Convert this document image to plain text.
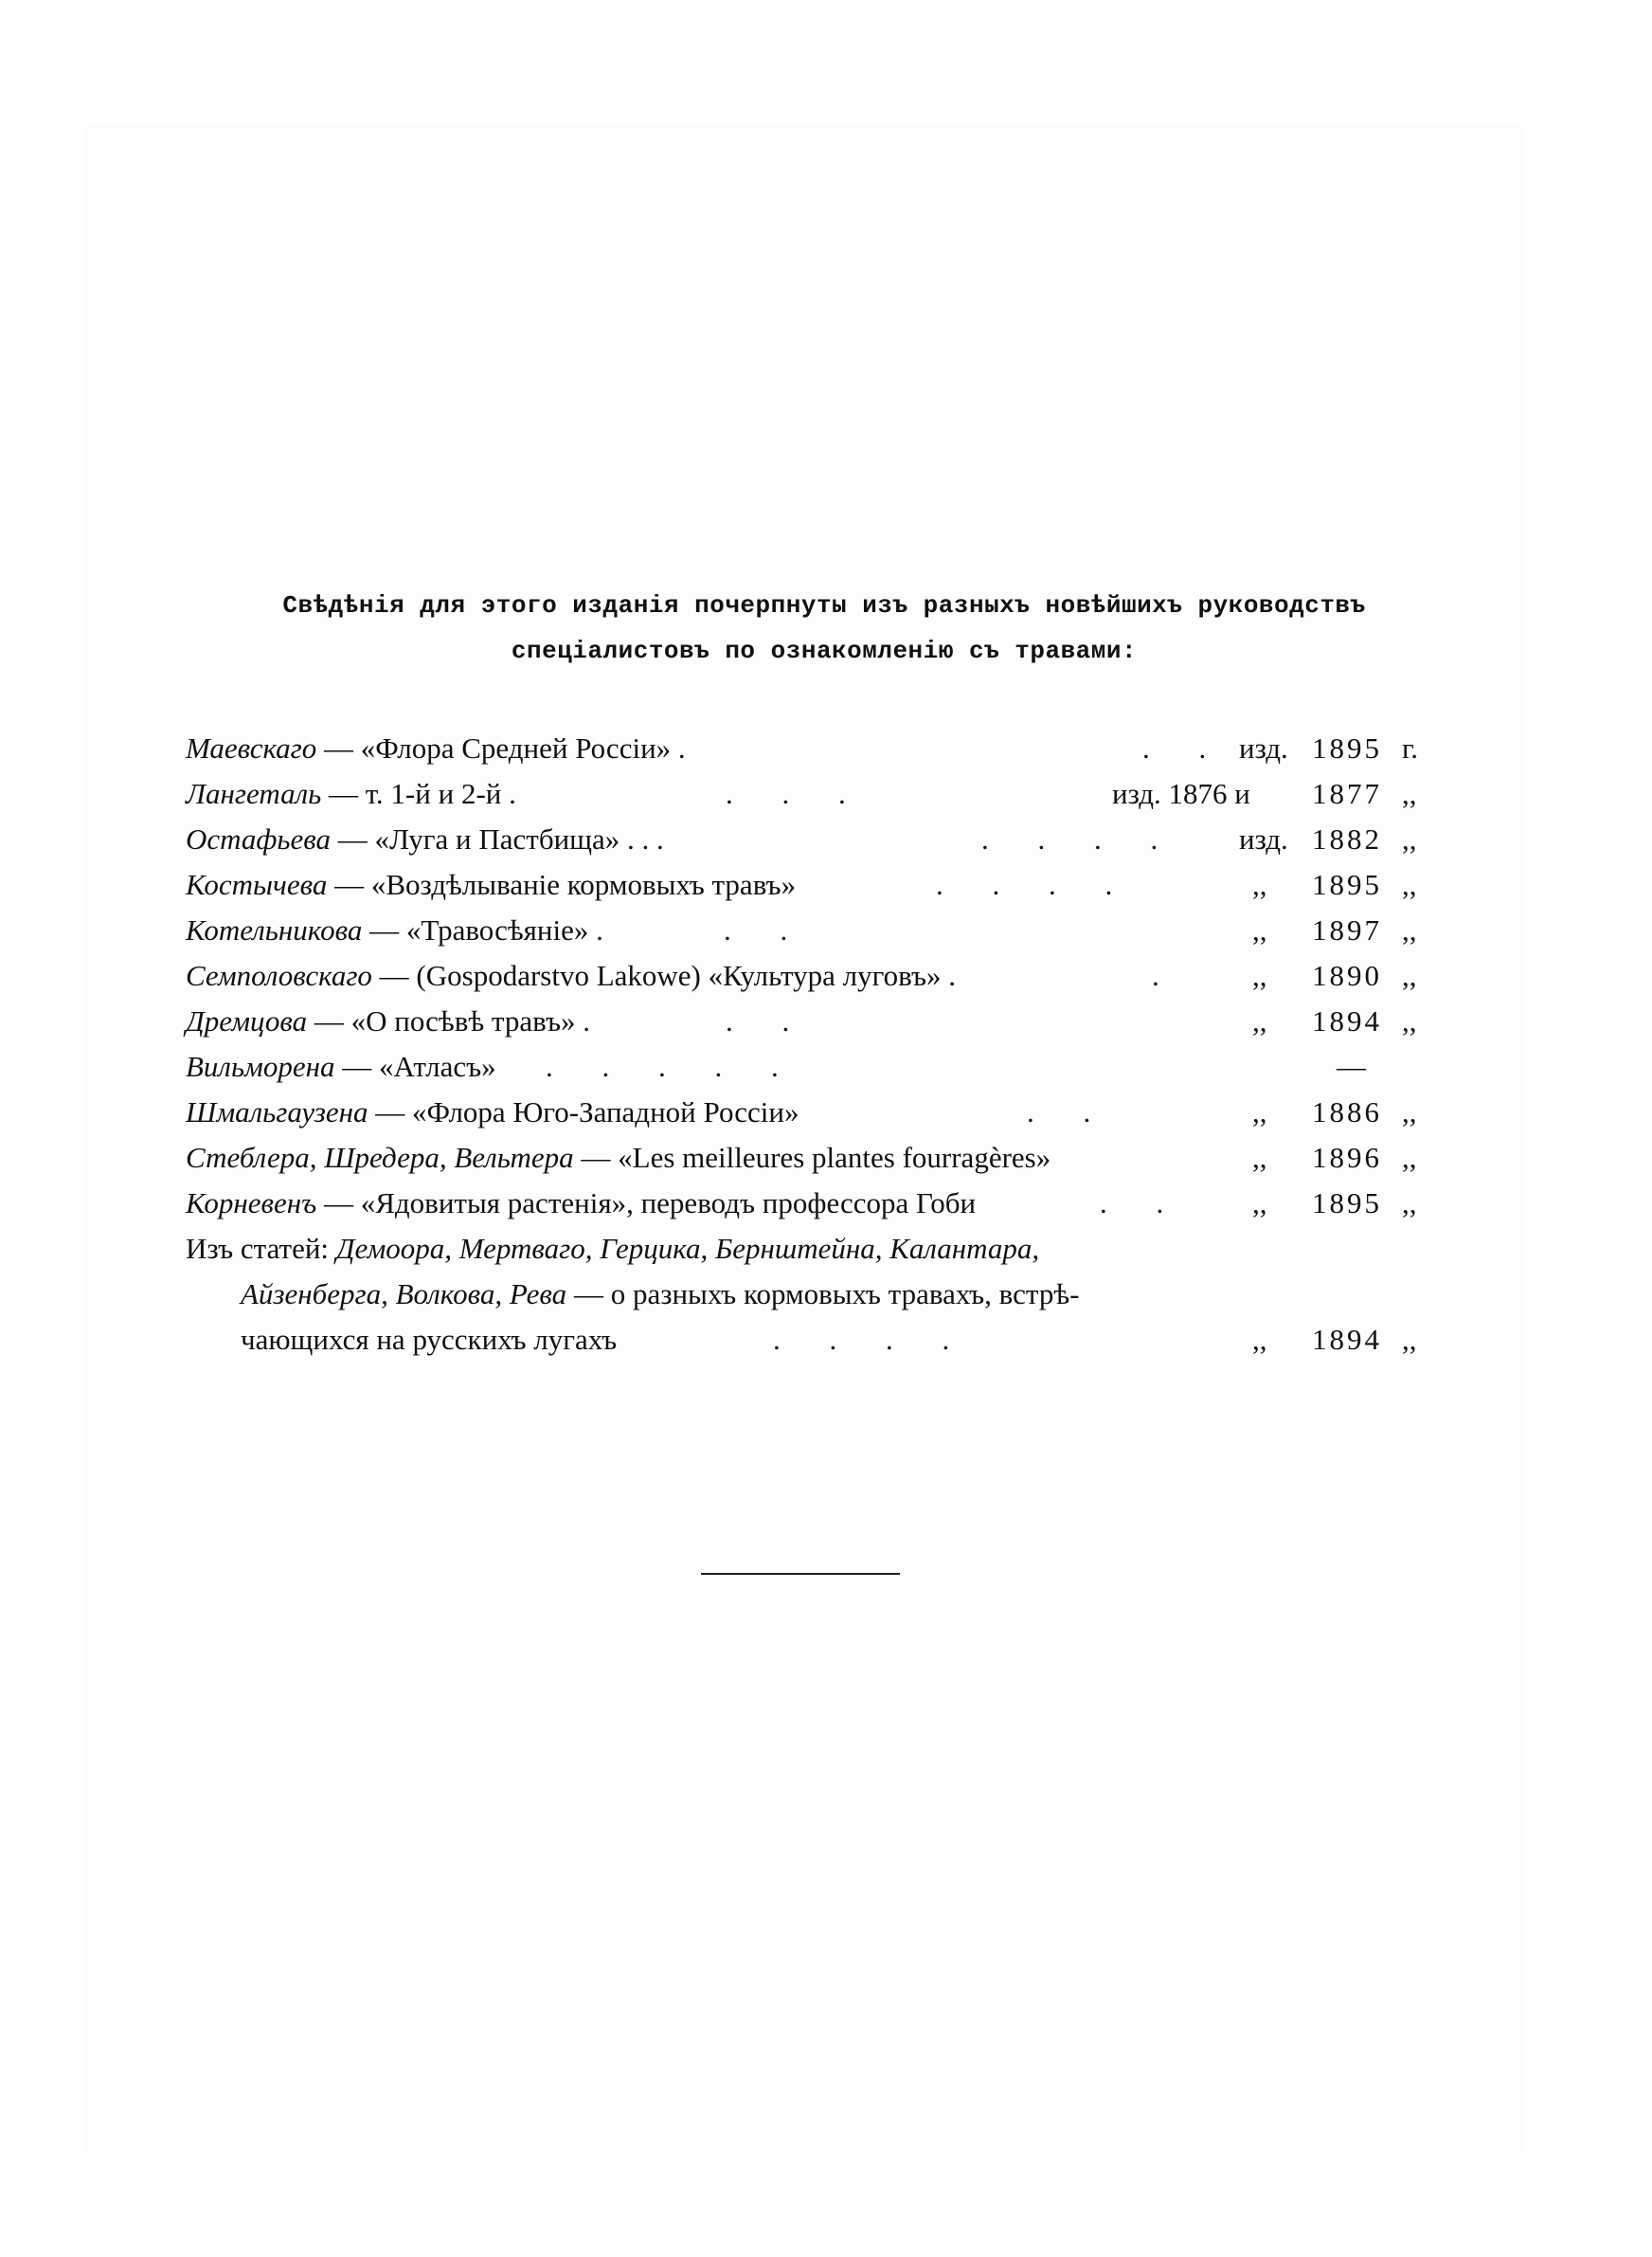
Свѣдѣнія для этого изданія почерпнуты изъ разныхъ новѣйшихъ руководствъ
спеціалистовъ по ознакомленію съ травами:
Маевскаго — «Флора Средней Россіи» .	. . изд. 1895 г.
Лангеталь — т. 1-й и 2-й .	. . .	изд. 1876 и 1877 ,,
Остафьева — «Луга и Пастбища» . . .	. . . . изд. 1882 ,,
Костычева — «Воздѣлываніе кормовыхъ травъ»	. . . .	,, 1895 ,,
Котельникова — «Травосѣяніе» .	. .	,, 1897 ,,
Семполовскаго — (Gospodarstvo Lakowe) «Культура луговъ» .	. ,, 1890 ,,
Дремцова — «О посѣвѣ травъ» .	. .	,, 1894 ,,
Вильморена — «Атласъ» . . . . .	—
Шмальгаузена — «Флора Юго-Западной Россіи»	. .	,, 1886 ,,
Стеблера, Шредера, Вельтера — «Les meilleures plantes fourragères»	,, 1896 ,,
Корневенъ — «Ядовитыя растенія», переводъ профессора Гоби	. . ,, 1895 ,,
Изъ статей: Демоора, Мертваго, Герцика, Бернштейна, Калантара,
Айзенберга, Волкова, Рева — о разныхъ кормовыхъ травахъ, встрѣ-
чающихся на русскихъ лугахъ	. . . .	,, 1894 ,,
